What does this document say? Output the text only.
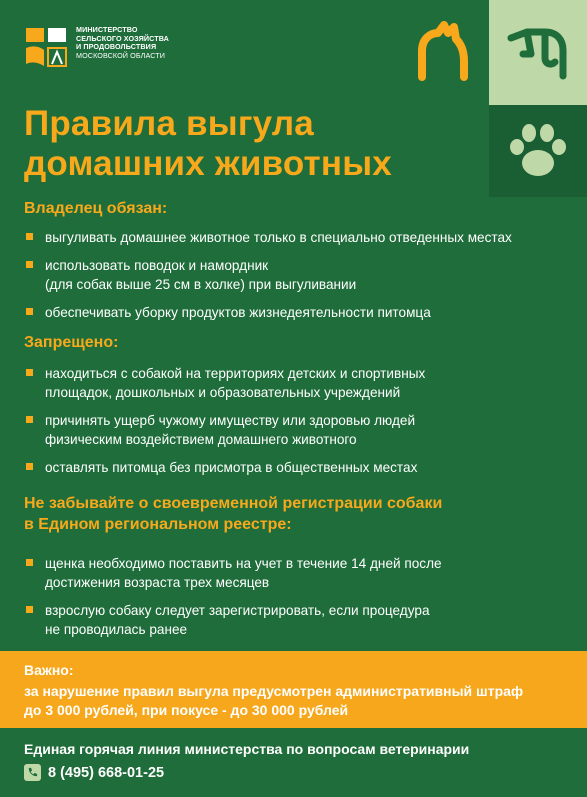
МИНИСТЕРСТВО
СЕЛЬСКОГО ХОЗЯЙСТВА
И ПРОДОВОЛЬСТВИЯ
МОСКОВСКОЙ ОБЛАСТИ
Правила выгула
домашних животных
Владелец обязан:
выгуливать домашнее животное только в специально отведенных местах
использовать поводок и намордник
(для собак выше 25 см в холке) при выгуливании
обеспечивать уборку продуктов жизнедеятельности питомца
Запрещено:
находиться с собакой на территориях детских и спортивных
площадок, дошкольных и образовательных учреждений
причинять ущерб чужому имуществу или здоровью людей
физическим воздействием домашнего животного
оставлять питомца без присмотра в общественных местах
Не забывайте о своевременной регистрации собаки
в Едином региональном реестре:
щенка необходимо поставить на учет в течение 14 дней после
достижения возраста трех месяцев
взрослую собаку следует зарегистрировать, если процедура
не проводилась ранее
Важно:
за нарушение правил выгула предусмотрен административный штраф
до 3 000 рублей, при покусе - до 30 000 рублей
Единая горячая линия министерства по вопросам ветеринарии
8 (495) 668-01-25
